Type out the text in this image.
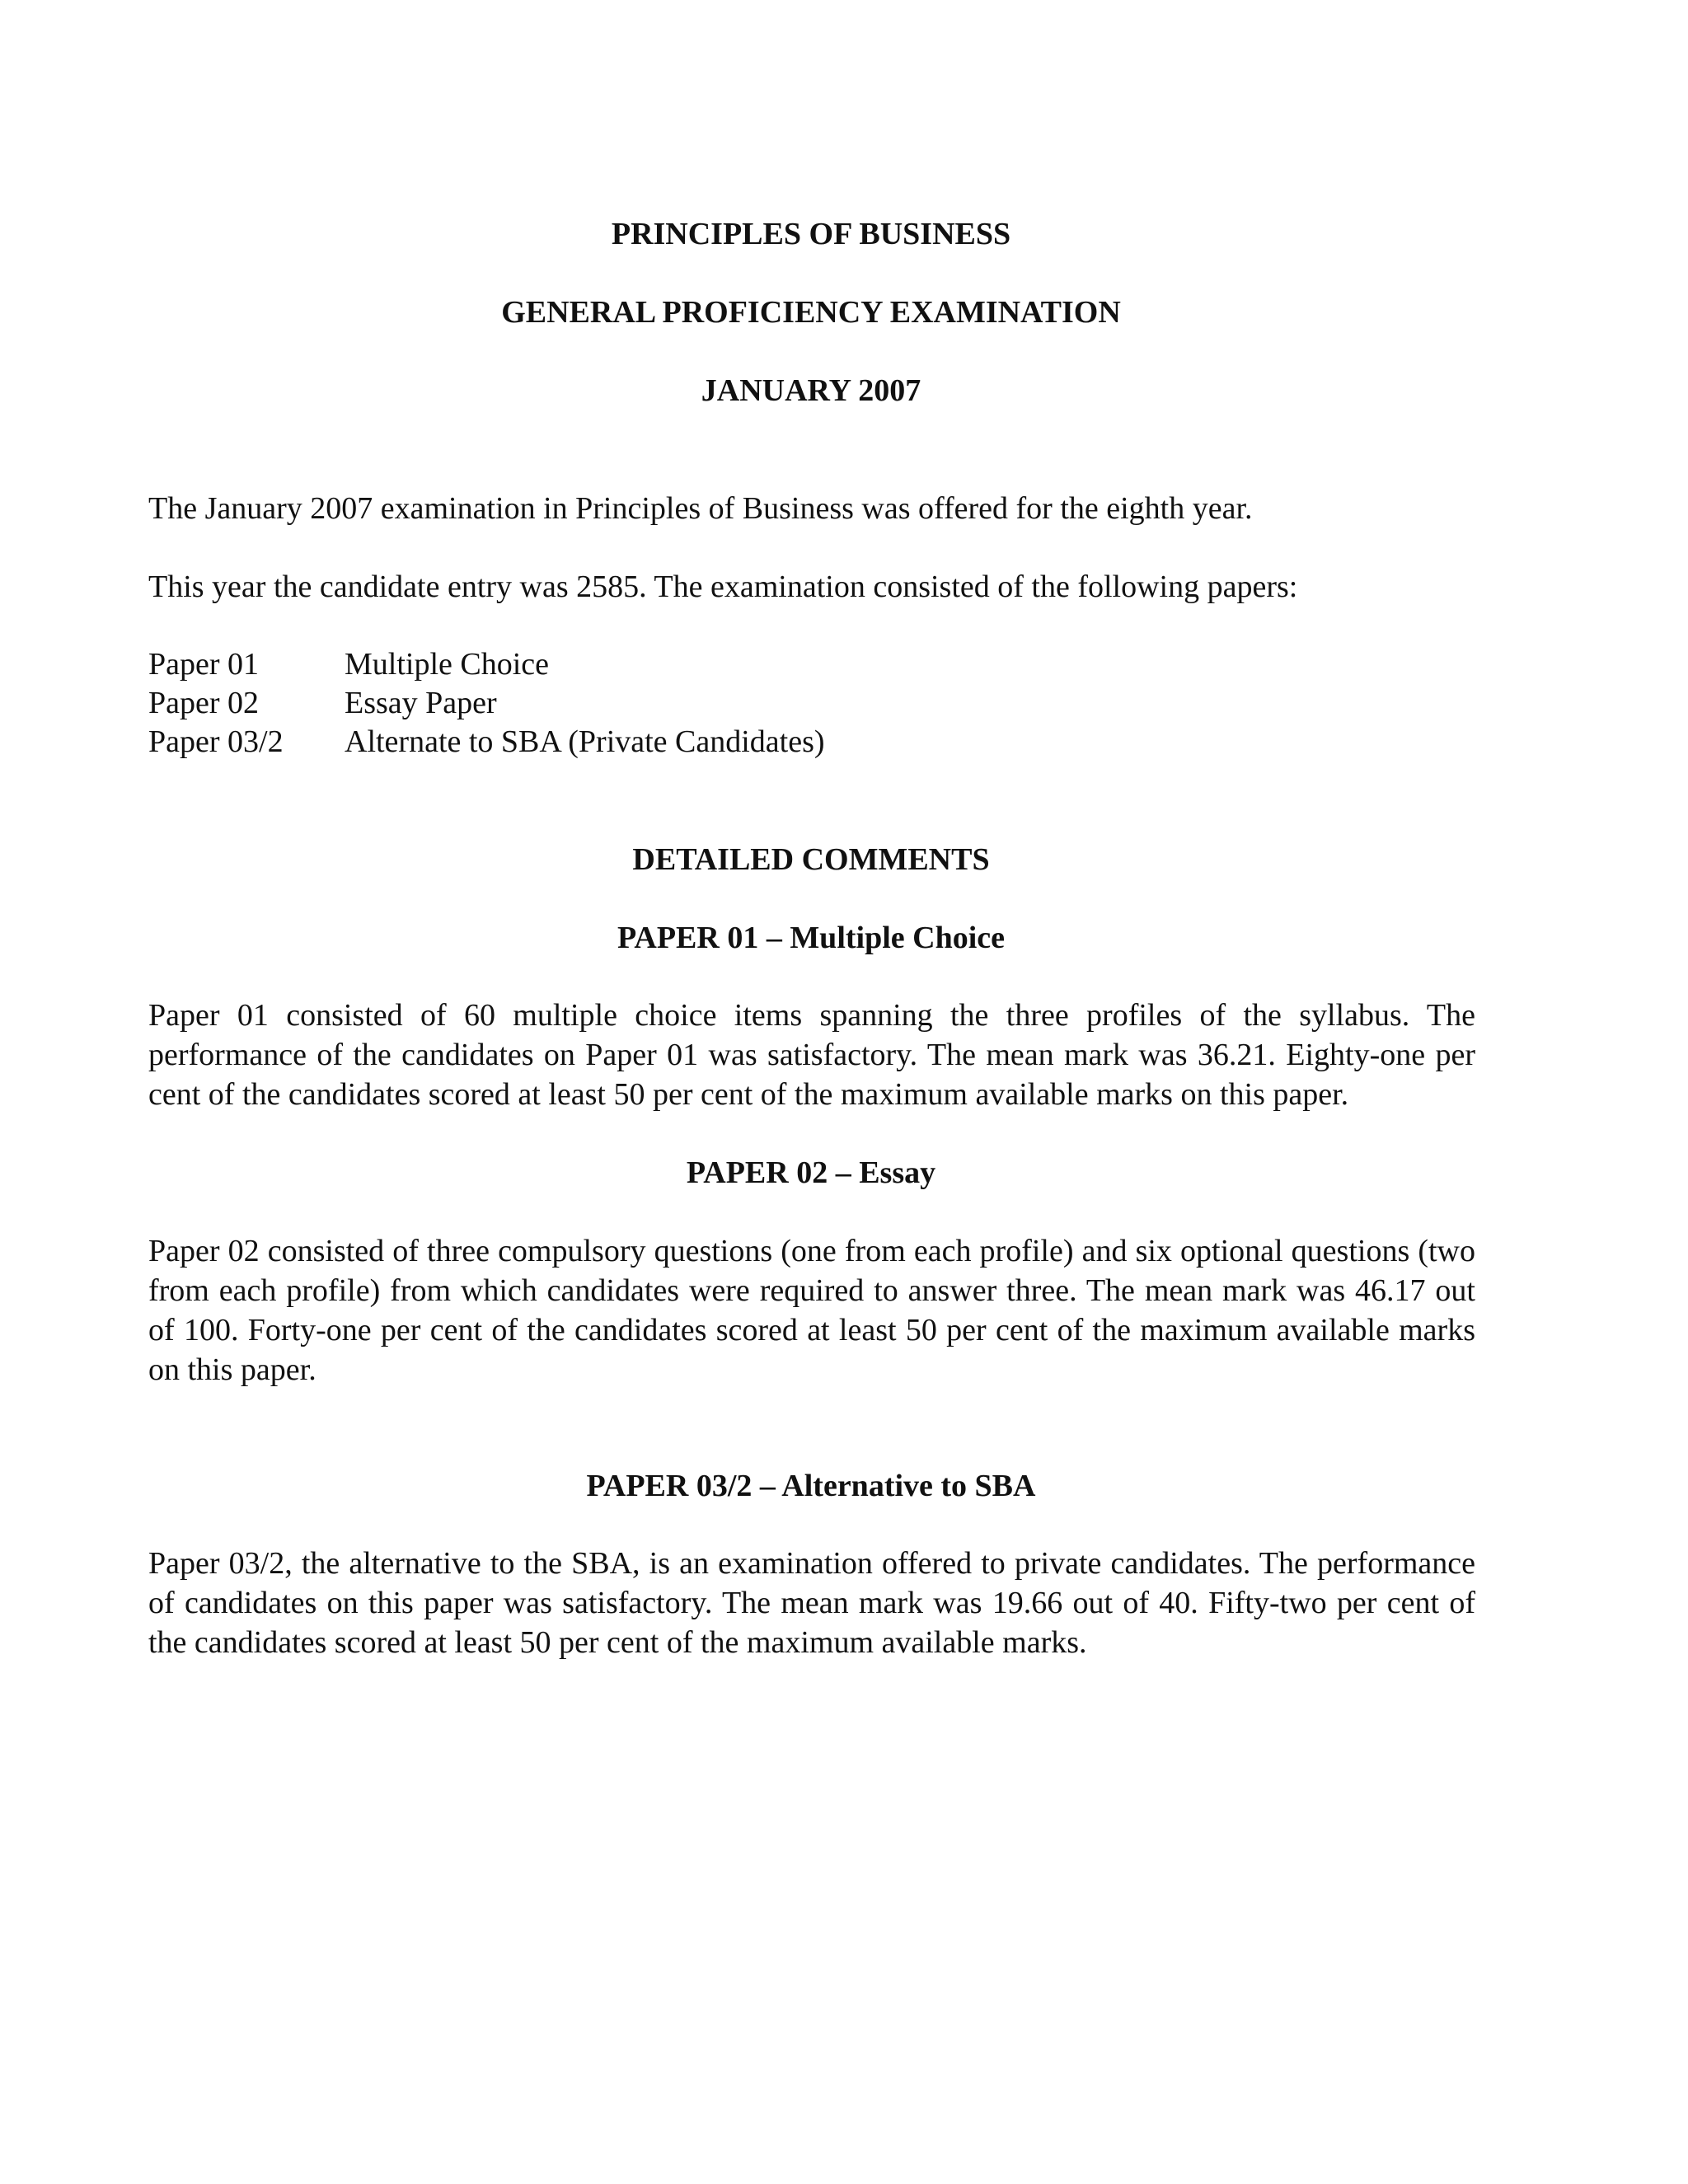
PRINCIPLES OF BUSINESS
GENERAL PROFICIENCY EXAMINATION
JANUARY 2007

The January 2007 examination in Principles of Business was offered for the eighth year.

This year the candidate entry was 2585. The examination consisted of the following papers:

Paper 01	Multiple Choice
Paper 02	Essay Paper
Paper 03/2	Alternate to SBA (Private Candidates)
DETAILED COMMENTS
PAPER 01 – Multiple Choice

Paper 01 consisted of 60 multiple choice items spanning the three profiles of the syllabus. The performance of the candidates on Paper 01 was satisfactory. The mean mark was 36.21. Eighty-one per cent of the candidates scored at least 50 per cent of the maximum available marks on this paper.

PAPER 02 – Essay

Paper 02 consisted of three compulsory questions (one from each profile) and six optional questions (two from each profile) from which candidates were required to answer three. The mean mark was 46.17 out of 100. Forty-one per cent of the candidates scored at least 50 per cent of the maximum available marks on this paper.

PAPER 03/2 – Alternative to SBA

Paper 03/2, the alternative to the SBA, is an examination offered to private candidates. The performance of candidates on this paper was satisfactory. The mean mark was 19.66 out of 40. Fifty-two per cent of the candidates scored at least 50 per cent of the maximum available marks.
